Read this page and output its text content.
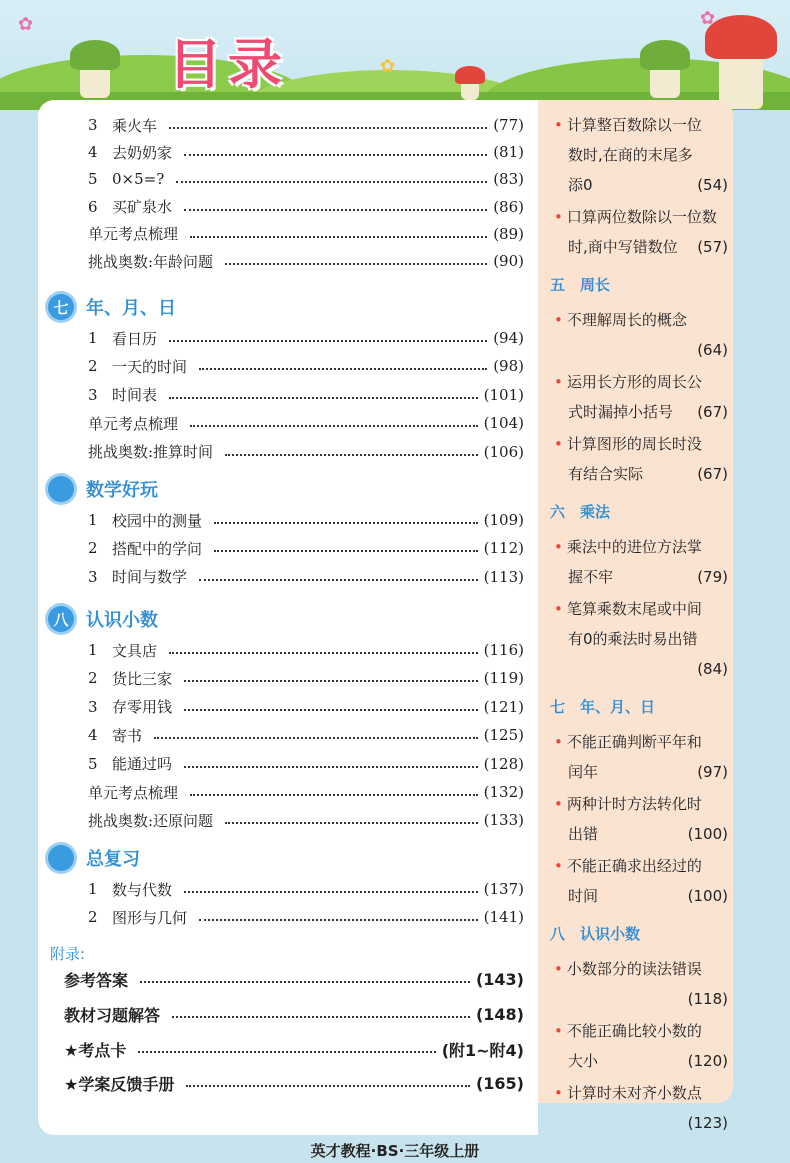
✿	✿
✿
目录
3 乘火车	(77)
4 去奶奶家	(81)
5 0×5=?	(83)
6 买矿泉水	(86)
单元考点梳理	(89)
挑战奥数:年龄问题	(90)
七 年、月、日
1 看日历	(94)
2 一天的时间	(98)
3 时间表	(101)
单元考点梳理	(104)
挑战奥数:推算时间	(106)
数学好玩
1 校园中的测量	(109)
2 搭配中的学问	(112)
3 时间与数学	(113)
八 认识小数
1 文具店	(116)
2 货比三家	(119)
3 存零用钱	(121)
4 寄书	(125)
5 能通过吗	(128)
单元考点梳理	(132)
挑战奥数:还原问题	(133)
总复习
1 数与代数	(137)
2 图形与几何	(141)
参考答案	(143)
教材习题解答	(148)
★考点卡	(附1~附4)
★学案反馈手册	(165)
附录:
• 计算整百数除以一位
数时,在商的末尾多
添0	(54)
• 口算两位数除以一位数
时,商中写错数位 (57)
五　周长
• 不理解周长的概念
(64)
• 运用长方形的周长公
式时漏掉小括号 (67)
• 计算图形的周长时没
有结合实际	(67)
六　乘法
• 乘法中的进位方法掌
握不牢	(79)
• 笔算乘数末尾或中间
有0的乘法时易出错
(84)
七　年、月、日
• 不能正确判断平年和
闰年	(97)
• 两种计时方法转化时
出错	(100)
• 不能正确求出经过的
时间	(100)
八　认识小数
• 小数部分的读法错误
(118)
• 不能正确比较小数的
大小	(120)
• 计算时未对齐小数点
(123)
英才教程·BS·三年级上册
